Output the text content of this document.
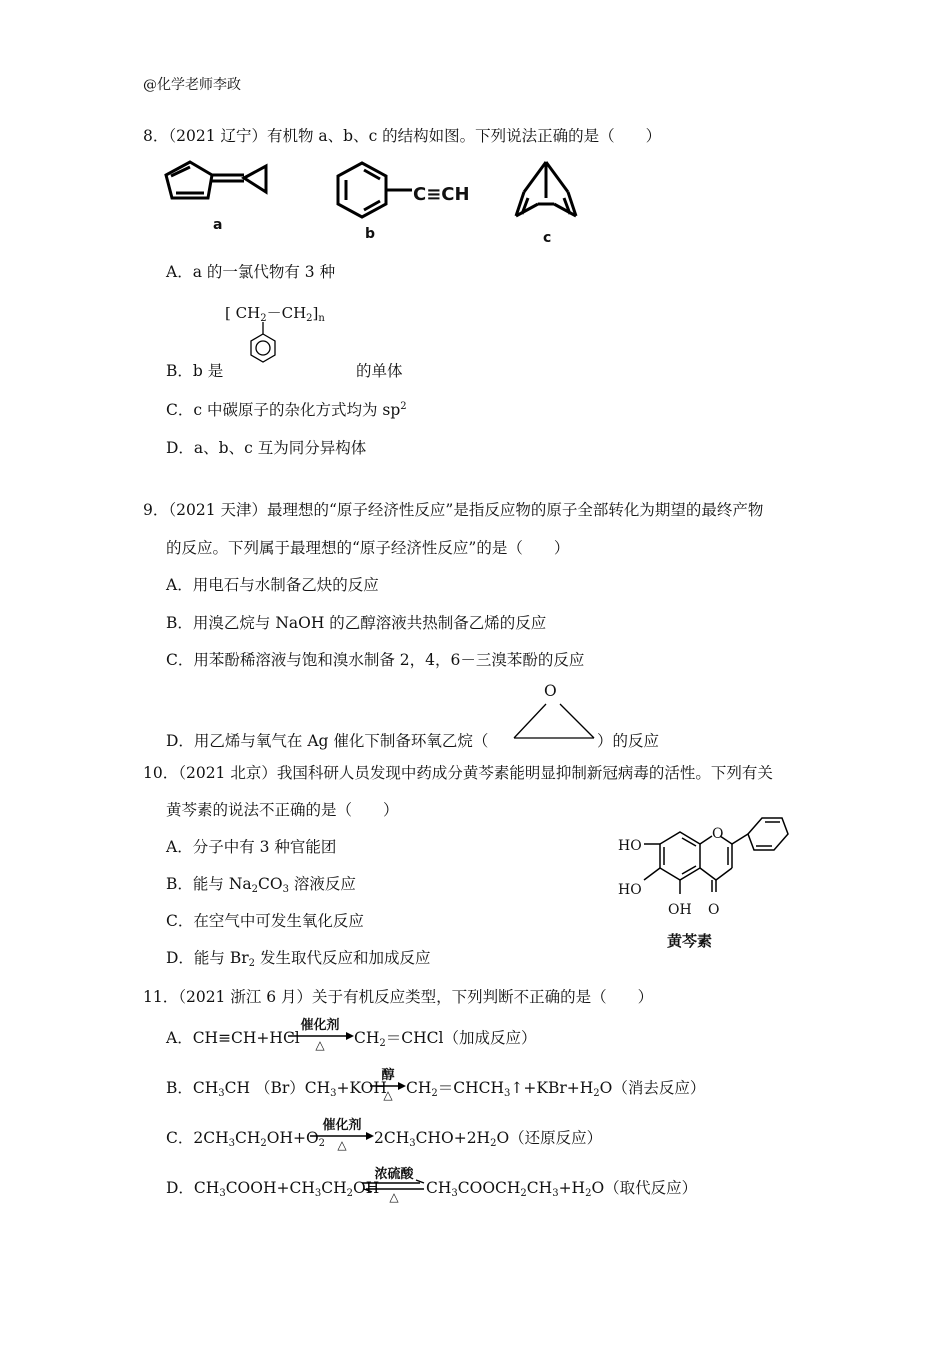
@化学老师李政
8．（2021 辽宁）有机物 a、b、c 的结构如图。下列说法正确的是（　　）
a
C≡CH
b	c
A．a 的一氯代物有 3 种
[ $CH_2-CH_2]_n$
B．b 是	的单体
C．c 中碳原子的杂化方式均为 $sp^2$
D．a、b、c 互为同分异构体
9．（2021 天津）最理想的“原子经济性反应”是指反应物的原子全部转化为期望的最终产物
的反应。下列属于最理想的“原子经济性反应”的是（　　）
A．用电石与水制备乙炔的反应
B．用溴乙烷与 NaOH 的乙醇溶液共热制备乙烯的反应
C．用苯酚稀溶液与饱和溴水制备 2，4，6－三溴苯酚的反应
D．用乙烯与氧气在 Ag 催化下制备环氧乙烷（
O
）的反应
10．（2021 北京）我国科研人员发现中药成分黄芩素能明显抑制新冠病毒的活性。下列有关
黄芩素的说法不正确的是（　　）
A．分子中有 3 种官能团
B．能与 $Na_2CO_3$ 溶液反应
C．在空气中可发生氧化反应
D．能与 $Br_2$ 发生取代反应和加成反应
HO
HO
OH
O
O
黄芩素
11．（2021 浙江 6 月）关于有机反应类型，下列判断不正确的是（　　）
A．CH≡CH+HCl
催化剂
△	$CH_2=CHCl$（加成反应）
B．$CH_3CH$ $(Br)CH_3+KOH$
醇
△ $CH_2=CHCH_3↑+KBr+H_2O$（消去反应）
C．$2CH_3CH_2OH+O_2$
催化剂
△	$2CH_3CHO+2H_2O$（还原反应）
D．$CH_3COOH+CH_3CH_2OH$
浓硫酸
△	$CH_3COOCH_2CH_3+H_2O$（取代反应）
